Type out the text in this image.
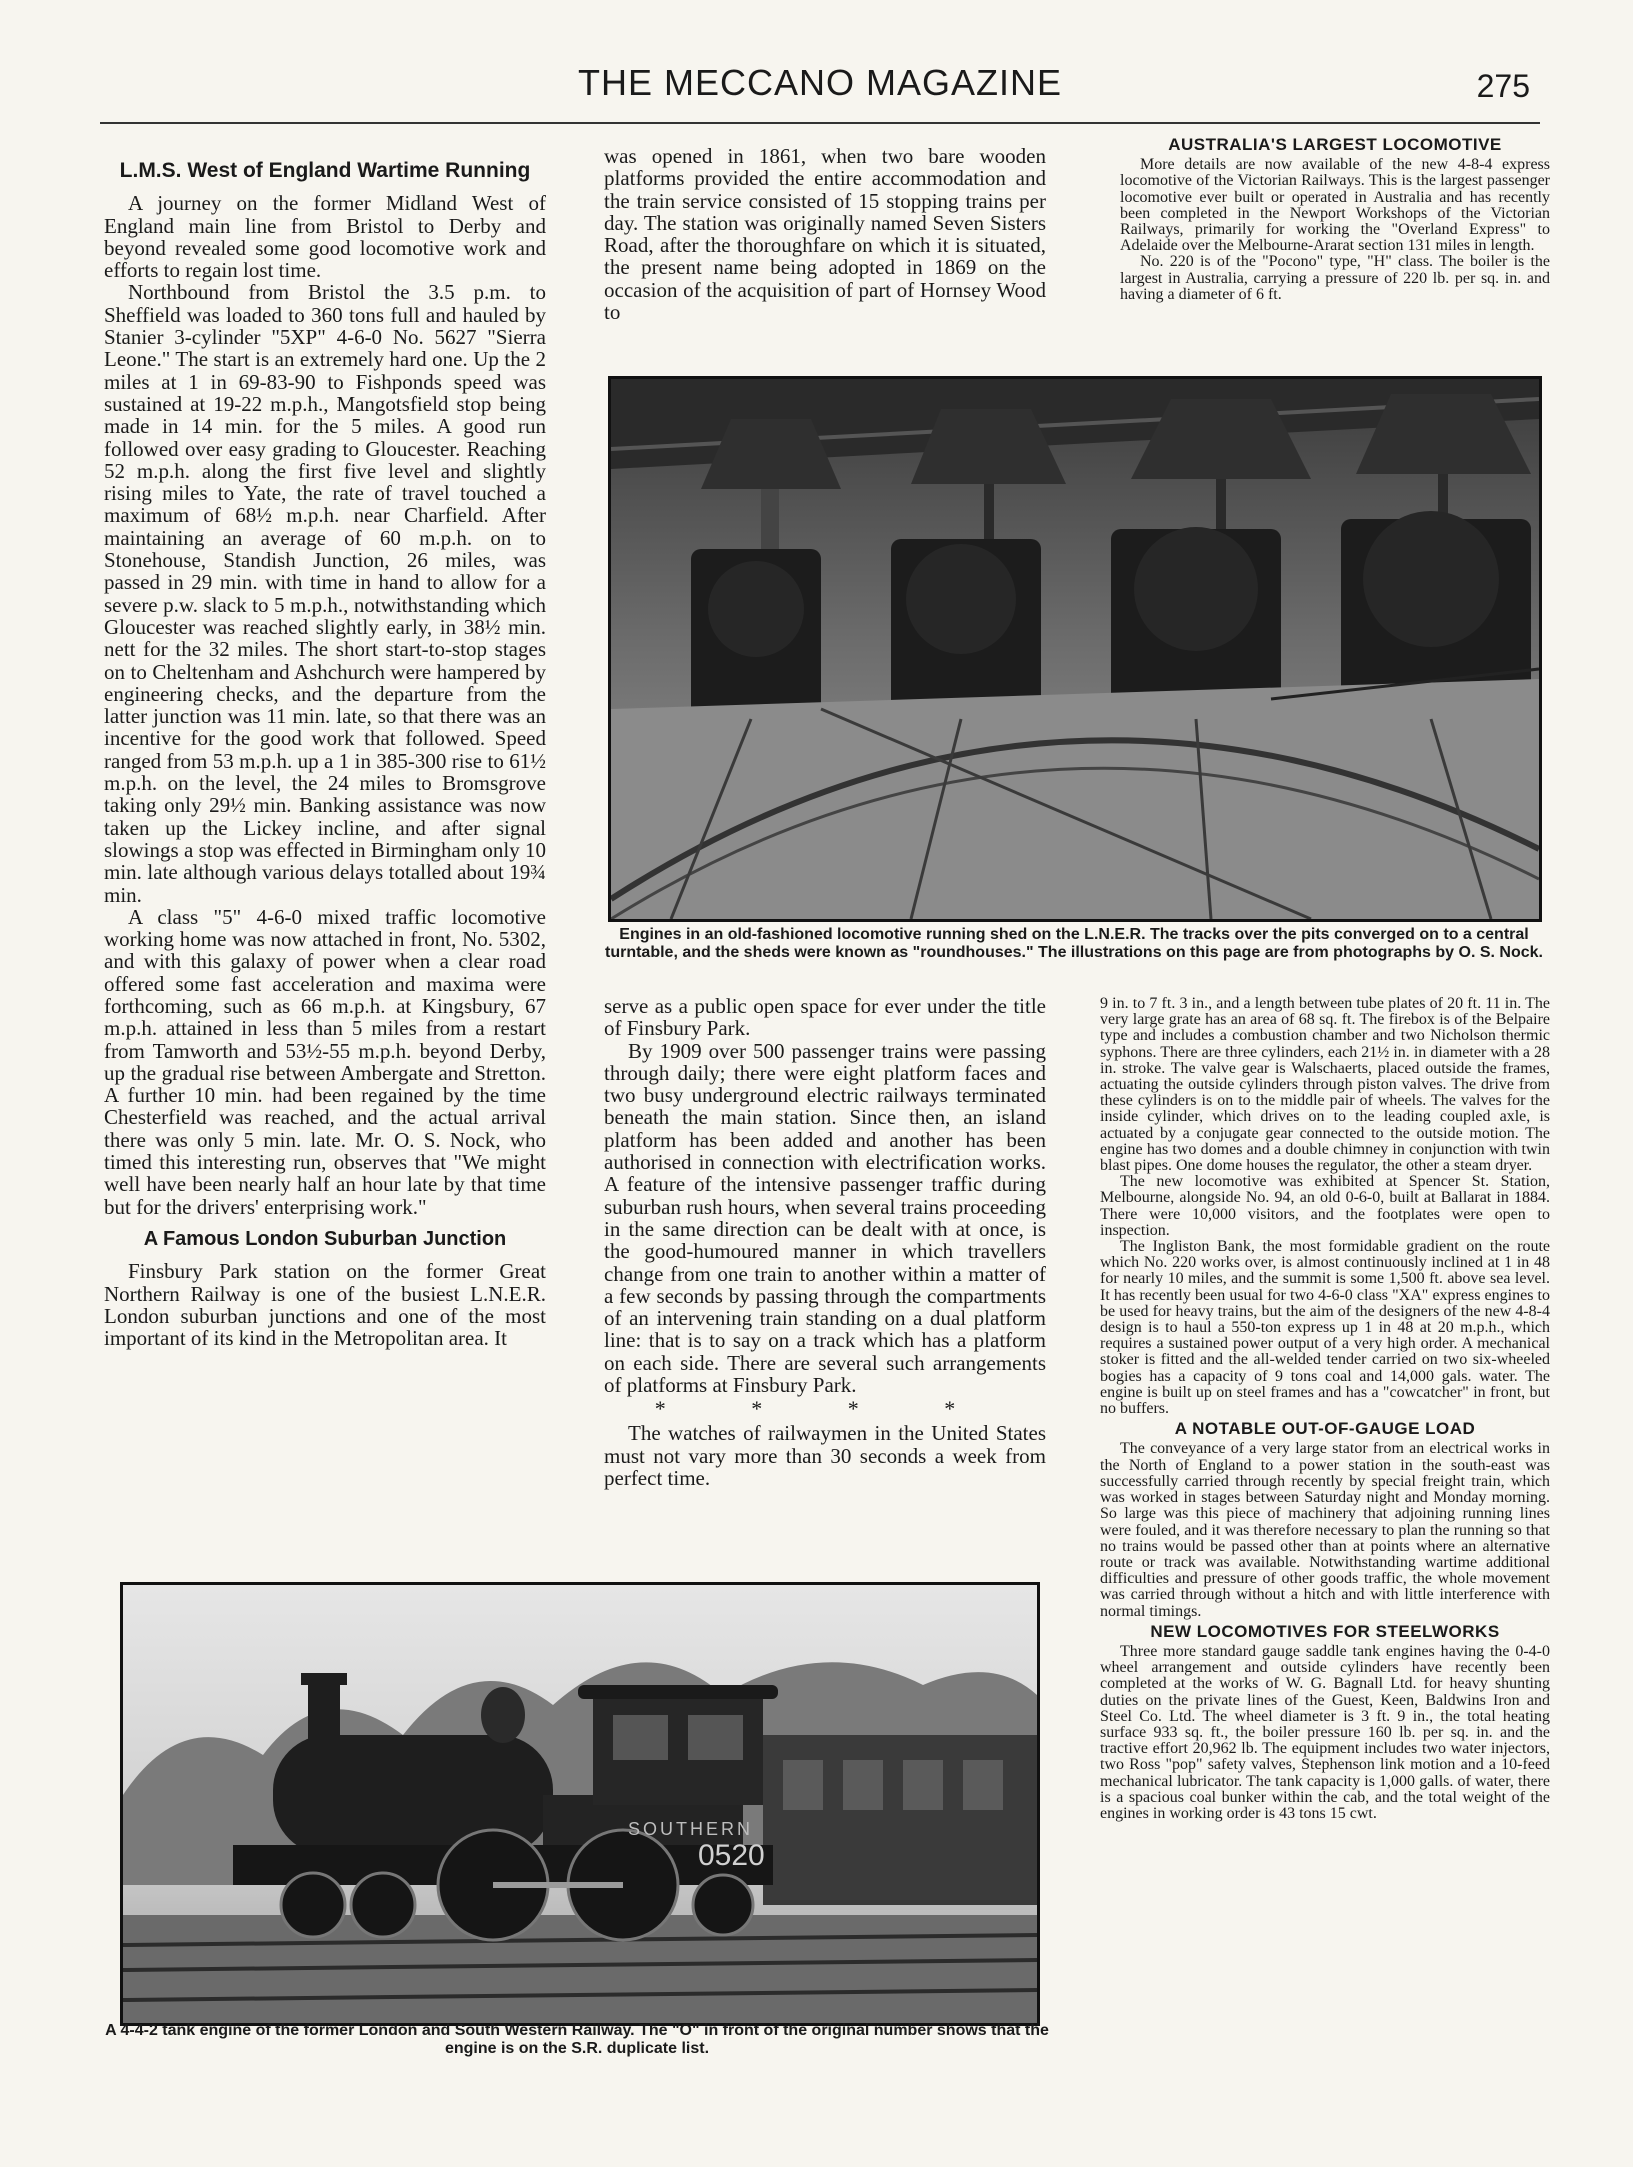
THE MECCANO MAGAZINE	275
L.M.S. West of England Wartime Running

A journey on the former Midland West of England main line from Bristol to Derby and beyond revealed some good locomotive work and efforts to regain lost time.

Northbound from Bristol the 3.5 p.m. to Sheffield was loaded to 360 tons full and hauled by Stanier 3-cylinder "5XP" 4-6-0 No. 5627 "Sierra Leone." The start is an extremely hard one. Up the 2 miles at 1 in 69-83-90 to Fishponds speed was sustained at 19-22 m.p.h., Mangotsfield stop being made in 14 min. for the 5 miles. A good run followed over easy grading to Gloucester. Reaching 52 m.p.h. along the first five level and slightly rising miles to Yate, the rate of travel touched a maximum of 68½ m.p.h. near Charfield. After maintaining an average of 60 m.p.h. on to Stonehouse, Standish Junction, 26 miles, was passed in 29 min. with time in hand to allow for a severe p.w. slack to 5 m.p.h., notwithstanding which Gloucester was reached slightly early, in 38½ min. nett for the 32 miles. The short start-to-stop stages on to Cheltenham and Ashchurch were hampered by engineering checks, and the departure from the latter junction was 11 min. late, so that there was an incentive for the good work that followed. Speed ranged from 53 m.p.h. up a 1 in 385-300 rise to 61½ m.p.h. on the level, the 24 miles to Bromsgrove taking only 29½ min. Banking assistance was now taken up the Lickey incline, and after signal slowings a stop was effected in Birmingham only 10 min. late although various delays totalled about 19¾ min.

A class "5" 4-6-0 mixed traffic locomotive working home was now attached in front, No. 5302, and with this galaxy of power when a clear road offered some fast acceleration and maxima were forthcoming, such as 66 m.p.h. at Kingsbury, 67 m.p.h. attained in less than 5 miles from a restart from Tamworth and 53½-55 m.p.h. beyond Derby, up the gradual rise between Ambergate and Stretton. A further 10 min. had been regained by the time Chesterfield was reached, and the actual arrival there was only 5 min. late. Mr. O. S. Nock, who timed this interesting run, observes that "We might well have been nearly half an hour late by that time but for the drivers' enterprising work."

A Famous London Suburban Junction

Finsbury Park station on the former Great Northern Railway is one of the busiest L.N.E.R. London suburban junctions and one of the most important of its kind in the Metropolitan area. It

was opened in 1861, when two bare wooden platforms provided the entire accommodation and the train service consisted of 15 stopping trains per day. The station was originally named Seven Sisters Road, after the thoroughfare on which it is situated, the present name being adopted in 1869 on the occasion of the acquisition of part of Hornsey Wood to

AUSTRALIA'S LARGEST LOCOMOTIVE

More details are now available of the new 4-8-4 express locomotive of the Victorian Railways. This is the largest passenger locomotive ever built or operated in Australia and has recently been completed in the Newport Workshops of the Victorian Railways, primarily for working the "Overland Express" to Adelaide over the Melbourne-Ararat section 131 miles in length.

No. 220 is of the "Pocono" type, "H" class. The boiler is the largest in Australia, carrying a pressure of 220 lb. per sq. in. and having a diameter of 6 ft.

Engines in an old-fashioned locomotive running shed on the L.N.E.R. The tracks over the pits converged on to a central turntable, and the sheds were known as "roundhouses." The illustrations on this page are from photographs by O. S. Nock.

serve as a public open space for ever under the title of Finsbury Park.

By 1909 over 500 passenger trains were passing through daily; there were eight platform faces and two busy underground electric railways terminated beneath the main station. Since then, an island platform has been added and another has been authorised in connection with electrification works. A feature of the intensive passenger traffic during suburban rush hours, when several trains proceeding in the same direction can be dealt with at once, is the good-humoured manner in which travellers change from one train to another within a matter of a few seconds by passing through the compartments of an intervening train standing on a dual platform line: that is to say on a track which has a platform on each side. There are several such arrangements of platforms at Finsbury Park.

* * * *

The watches of railwaymen in the United States must not vary more than 30 seconds a week from perfect time.

9 in. to 7 ft. 3 in., and a length between tube plates of 20 ft. 11 in. The very large grate has an area of 68 sq. ft. The firebox is of the Belpaire type and includes a combustion chamber and two Nicholson thermic syphons. There are three cylinders, each 21½ in. in diameter with a 28 in. stroke. The valve gear is Walschaerts, placed outside the frames, actuating the outside cylinders through piston valves. The drive from these cylinders is on to the middle pair of wheels. The valves for the inside cylinder, which drives on to the leading coupled axle, is actuated by a conjugate gear connected to the outside motion. The engine has two domes and a double chimney in conjunction with twin blast pipes. One dome houses the regulator, the other a steam dryer.

The new locomotive was exhibited at Spencer St. Station, Melbourne, alongside No. 94, an old 0-6-0, built at Ballarat in 1884. There were 10,000 visitors, and the footplates were open to inspection.

The Ingliston Bank, the most formidable gradient on the route which No. 220 works over, is almost continuously inclined at 1 in 48 for nearly 10 miles, and the summit is some 1,500 ft. above sea level. It has recently been usual for two 4-6-0 class "XA" express engines to be used for heavy trains, but the aim of the designers of the new 4-8-4 design is to haul a 550-ton express up 1 in 48 at 20 m.p.h., which requires a sustained power output of a very high order. A mechanical stoker is fitted and the all-welded tender carried on two six-wheeled bogies has a capacity of 9 tons coal and 14,000 gals. water. The engine is built up on steel frames and has a "cowcatcher" in front, but no buffers.

A NOTABLE OUT-OF-GAUGE LOAD

The conveyance of a very large stator from an electrical works in the North of England to a power station in the south-east was successfully carried through recently by special freight train, which was worked in stages between Saturday night and Monday morning. So large was this piece of machinery that adjoining running lines were fouled, and it was therefore necessary to plan the running so that no trains would be passed other than at points where an alternative route or track was available. Notwithstanding wartime additional difficulties and pressure of other goods traffic, the whole movement was carried through without a hitch and with little interference with normal timings.

NEW LOCOMOTIVES FOR STEELWORKS

Three more standard gauge saddle tank engines having the 0-4-0 wheel arrangement and outside cylinders have recently been completed at the works of W. G. Bagnall Ltd. for heavy shunting duties on the private lines of the Guest, Keen, Baldwins Iron and Steel Co. Ltd. The wheel diameter is 3 ft. 9 in., the total heating surface 933 sq. ft., the boiler pressure 160 lb. per sq. in. and the tractive effort 20,962 lb. The equipment includes two water injectors, two Ross "pop" safety valves, Stephenson link motion and a 10-feed mechanical lubricator. The tank capacity is 1,000 galls. of water, there is a spacious coal bunker within the cab, and the total weight of the engines in working order is 43 tons 15 cwt.

SOUTHERN
0520
A 4-4-2 tank engine of the former London and South Western Railway. The "O" in front of the original number shows that the engine is on the S.R. duplicate list.
